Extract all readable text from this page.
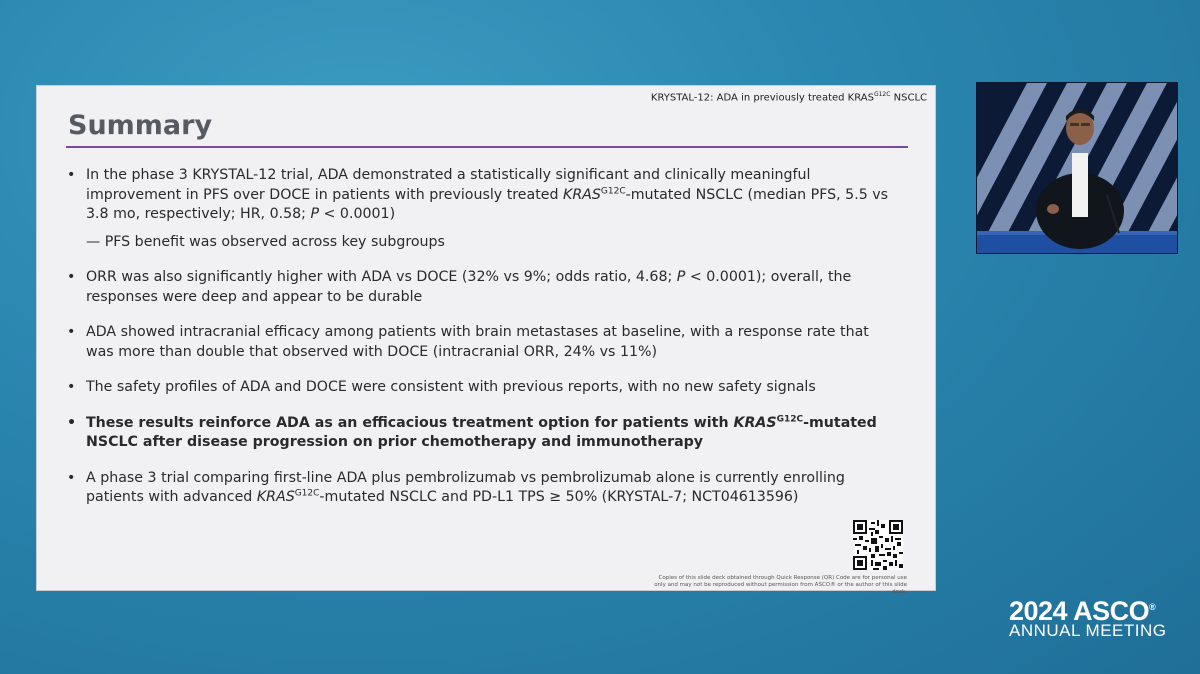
KRYSTAL-12: ADA in previously treated $KRAS^{G12C}$ NSCLC
Summary
• In the phase 3 KRYSTAL-12 trial, ADA demonstrated a statistically significant and clinically meaningful improvement in PFS over DOCE in patients with previously treated $KRAS^{G12C}$-mutated NSCLC (median PFS, 5.5 vs 3.8 mo, respectively; HR, 0.58; P < 0.0001)
— PFS benefit was observed across key subgroups
• ORR was also significantly higher with ADA vs DOCE (32% vs 9%; odds ratio, 4.68; P < 0.0001); overall, the responses were deep and appear to be durable
• ADA showed intracranial efficacy among patients with brain metastases at baseline, with a response rate that was more than double that observed with DOCE (intracranial ORR, 24% vs 11%)
• The safety profiles of ADA and DOCE were consistent with previous reports, with no new safety signals
• These results reinforce ADA as an efficacious treatment option for patients with $KRAS^{G12C}$-mutated NSCLC after disease progression on prior chemotherapy and immunotherapy
• A phase 3 trial comparing first-line ADA plus pembrolizumab vs pembrolizumab alone is currently enrolling patients with advanced $KRAS^{G12C}$-mutated NSCLC and PD-L1 TPS ≥ 50% (KRYSTAL-7; NCT04613596)
Copies of this slide deck obtained through Quick Response (QR) Code are for personal use only and may not be reproduced without permission from ASCO® or the author of this slide deck.
2024 ASCO®
ANNUAL MEETING
